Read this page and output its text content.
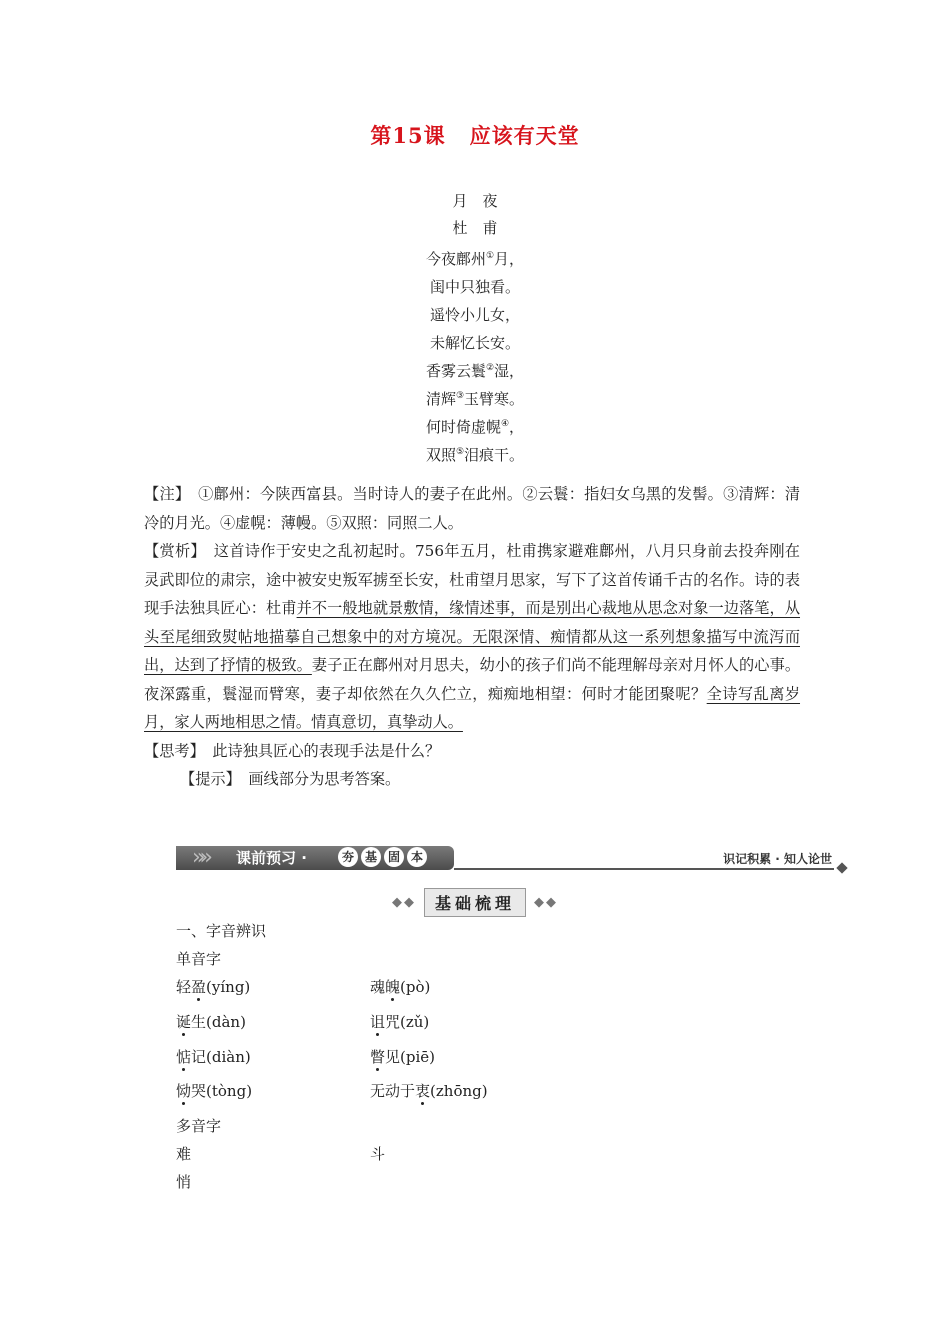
第15课 应该有天堂
月　夜
杜　甫
今夜鄜州①月，
闺中只独看。
遥怜小儿女，
未解忆长安。
香雾云鬟②湿，
清辉③玉臂寒。
何时倚虚幌④，
双照⑤泪痕干。

【注】　 ①鄜州：今陕西富县。当时诗人的妻子在此州。②云鬟：指妇女乌黑的发髻。③清辉：清冷的月光。④虚幌：薄幔。⑤双照：同照二人。

【赏析】　 这首诗作于安史之乱初起时。756年五月，杜甫携家避难鄜州，八月只身前去投奔刚在灵武即位的肃宗，途中被安史叛军掳至长安，杜甫望月思家，写下了这首传诵千古的名作。诗的表现手法独具匠心：杜甫并不一般地就景敷情，缘情述事，而是别出心裁地从思念对象一边落笔，从头至尾细致熨帖地描摹自己想象中的对方境况。无限深情、痴情都从这一系列想象描写中流泻而出，达到了抒情的极致。妻子正在鄜州对月思夫，幼小的孩子们尚不能理解母亲对月怀人的心事。夜深露重，鬟湿而臂寒，妻子却依然在久久伫立，痴痴地相望：何时才能团聚呢？全诗写乱离岁月，家人两地相思之情。情真意切，真挚动人。

【思考】　 此诗独具匠心的表现手法是什么？

【提示】　 画线部分为思考答案。

»» 课前预习 ·	夯 基 固 本	识记积累 · 知人论世
◆◆ 基础梳理 ◆◆
一、字音辨识
单音字
轻盈(yíng)	魂魄(pò)
诞生(dàn)	诅咒(zǔ)
惦记(diàn)	瞥见(piē)
恸哭(tòng)	无动于衷(zhōng)
多音字
难	斗
悄
